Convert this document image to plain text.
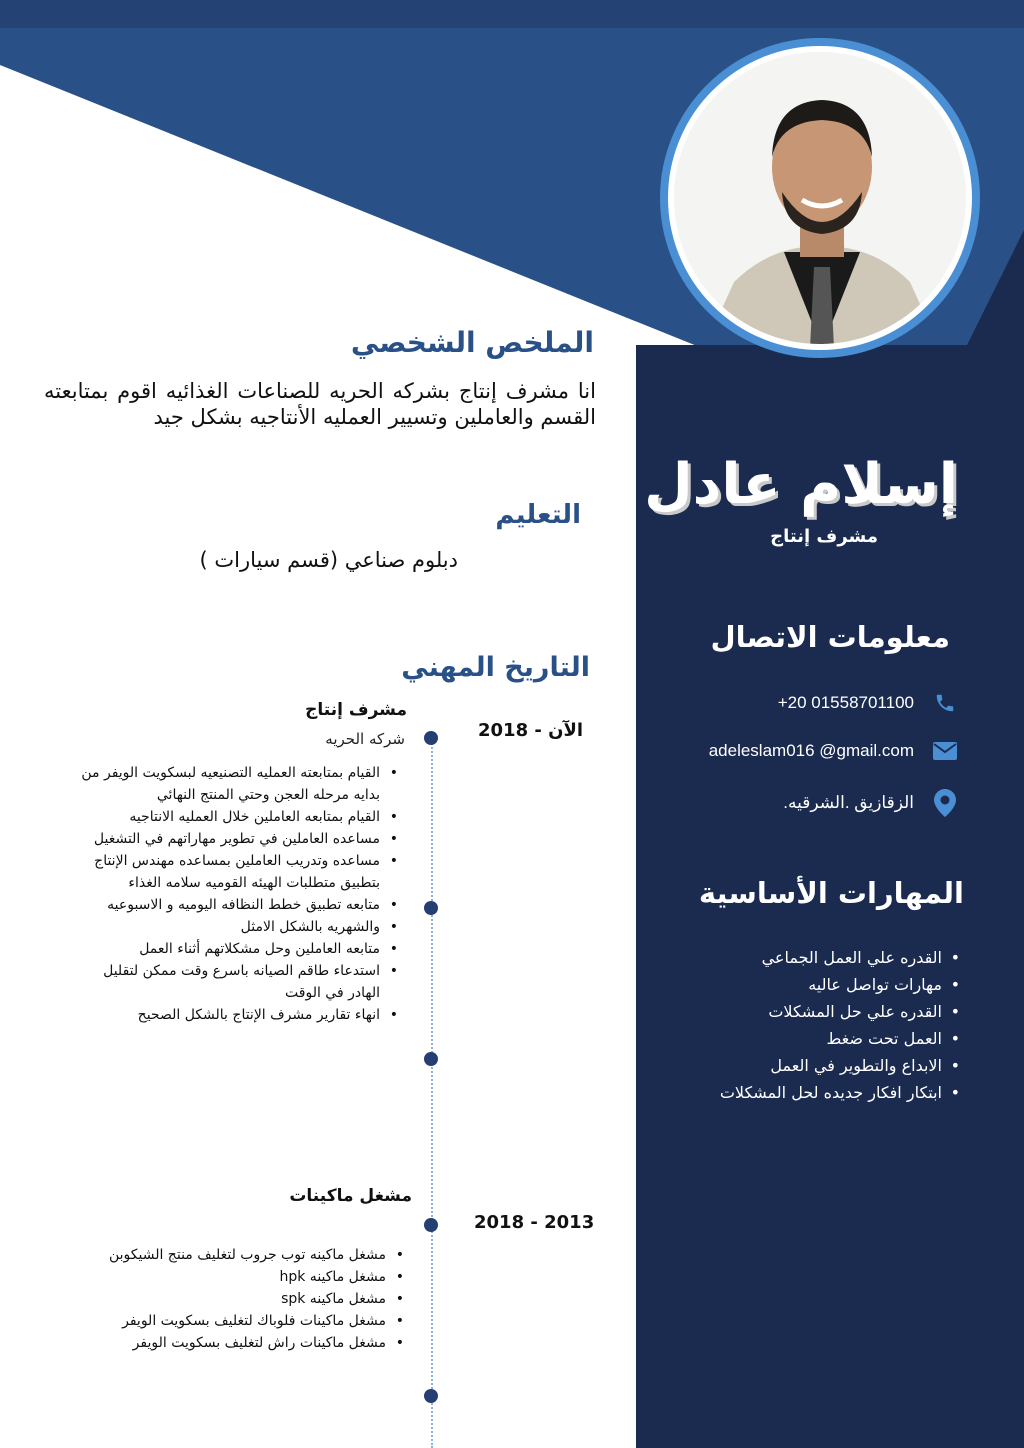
إسلام عادل
مشرف إنتاج
معلومات الاتصال
+20 01558701100
adeleslam016 @gmail.com
الزقازيق .الشرقيه.
المهارات الأساسية
• القدره علي العمل الجماعي
• مهارات تواصل عاليه
• القدره علي حل المشكلات
• العمل تحت ضغط
• الابداع والتطوير في العمل
• ابتكار افكار جديده لحل المشكلات
الملخص الشخصي
انا مشرف إنتاج بشركه الحريه للصناعات الغذائيه اقوم بمتابعته القسم والعاملين وتسيير العمليه الأنتاجيه بشكل جيد
التعليم
دبلوم صناعي (قسم سيارات )
التاريخ المهني
مشرف إنتاج
شركه الحريه	الآن - 2018
• القيام بمتابعته العمليه التصنيعيه لبسكويت الويفر من بدايه مرحله العجن وحتي المنتج النهائي
• القيام بمتابعه العاملين خلال العمليه الانتاجيه
• مساعده العاملين في تطوير مهاراتهم في التشغيل
• مساعده وتدريب العاملين بمساعده مهندس الإنتاج بتطبيق متطلبات الهيئه القوميه سلامه الغذاء
• متابعه تطبيق خطط النظافه اليوميه و الاسبوعيه
• والشهريه بالشكل الامثل
• متابعه العاملين وحل مشكلاتهم أثناء العمل
• استدعاء طاقم الصيانه باسرع وقت ممكن لتقليل الهادر في الوقت
• انهاء تقارير مشرف الإنتاج بالشكل الصحيح
مشغل ماكينات
2013 - 2018
• مشغل ماكينه توب جروب لتغليف منتج الشيكوبن
• مشغل ماكينه hpk
• مشغل ماكينه spk
• مشغل ماكينات فلوباك لتغليف بسكويت الويفر
• مشغل ماكينات راش لتغليف بسكويت الويفر
